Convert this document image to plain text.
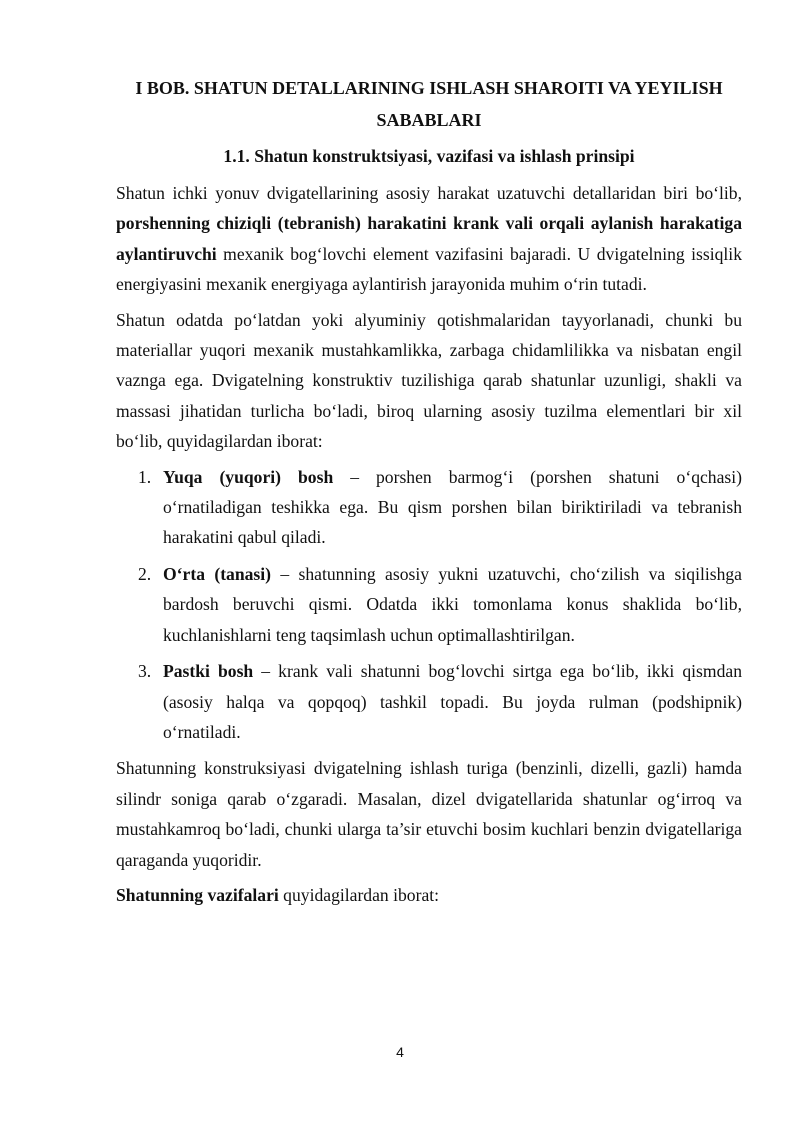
I BOB. SHATUN DETALLARINING ISHLASH SHAROITI VA YEYILISH SABABLARI
1.1. Shatun konstruktsiyasi, vazifasi va ishlash prinsipi

Shatun ichki yonuv dvigatellarining asosiy harakat uzatuvchi detallaridan biri bo‘lib, porshenning chiziqli (tebranish) harakatini krank vali orqali aylanish harakatiga aylantiruvchi mexanik bog‘lovchi element vazifasini bajaradi. U dvigatelning issiqlik energiyasini mexanik energiyaga aylantirish jarayonida muhim o‘rin tutadi.

Shatun odatda po‘latdan yoki alyuminiy qotishmalaridan tayyorlanadi, chunki bu materiallar yuqori mexanik mustahkamlikka, zarbaga chidamlilikka va nisbatan engil vaznga ega. Dvigatelning konstruktiv tuzilishiga qarab shatunlar uzunligi, shakli va massasi jihatidan turlicha bo‘ladi, biroq ularning asosiy tuzilma elementlari bir xil bo‘lib, quyidagilardan iborat:

1. Yuqa (yuqori) bosh – porshen barmog‘i (porshen shatuni o‘qchasi) o‘rnatiladigan teshikka ega. Bu qism porshen bilan biriktiriladi va tebranish harakatini qabul qiladi.
2. O‘rta (tanasi) – shatunning asosiy yukni uzatuvchi, cho‘zilish va siqilishga bardosh beruvchi qismi. Odatda ikki tomonlama konus shaklida bo‘lib, kuchlanishlarni teng taqsimlash uchun optimallashtirilgan.
3. Pastki bosh – krank vali shatunni bog‘lovchi sirtga ega bo‘lib, ikki qismdan (asosiy halqa va qopqoq) tashkil topadi. Bu joyda rulman (podshipnik) o‘rnatiladi.

Shatunning konstruksiyasi dvigatelning ishlash turiga (benzinli, dizelli, gazli) hamda silindr soniga qarab o‘zgaradi. Masalan, dizel dvigatellarida shatunlar og‘irroq va mustahkamroq bo‘ladi, chunki ularga ta’sir etuvchi bosim kuchlari benzin dvigatellariga qaraganda yuqoridir.

Shatunning vazifalari quyidagilardan iborat:

4
